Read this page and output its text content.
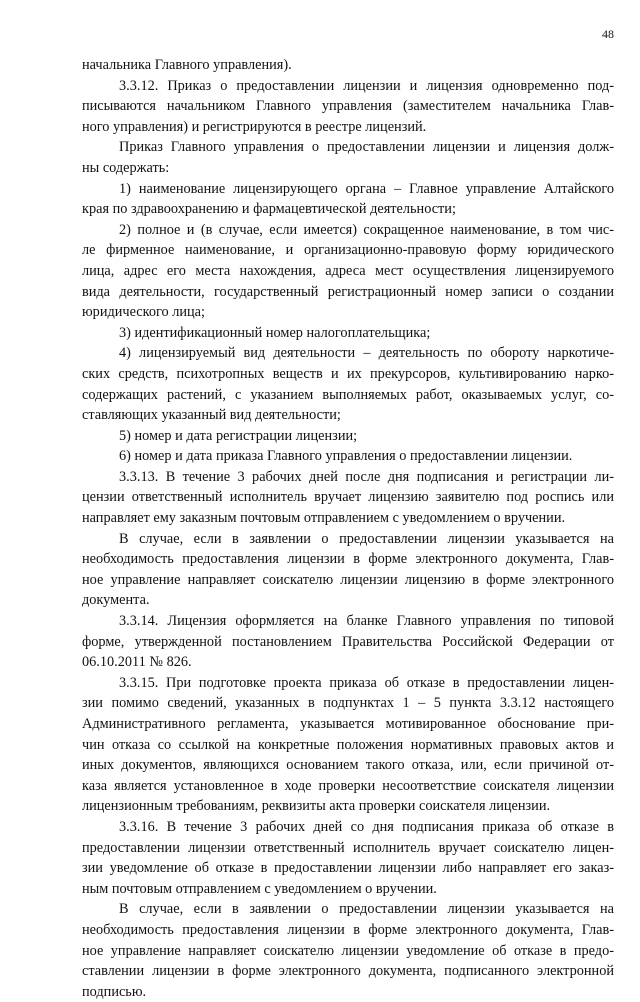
48
начальника Главного управления).
3.3.12. Приказ о предоставлении лицензии и лицензия одновременно под-
писываются начальником Главного управления (заместителем начальника Глав-
ного управления) и регистрируются в реестре лицензий.
Приказ Главного управления о предоставлении лицензии и лицензия долж-
ны содержать:
1) наименование лицензирующего органа – Главное управление Алтайского
края по здравоохранению и фармацевтической деятельности;
2) полное и (в случае, если имеется) сокращенное наименование, в том чис-
ле фирменное наименование, и организационно-правовую форму юридического
лица, адрес его места нахождения, адреса мест осуществления лицензируемого
вида деятельности, государственный регистрационный номер записи о создании
юридического лица;
3) идентификационный номер налогоплательщика;
4) лицензируемый вид деятельности – деятельность по обороту наркотиче-
ских средств, психотропных веществ и их прекурсоров, культивированию нарко-
содержащих растений, с указанием выполняемых работ, оказываемых услуг, со-
ставляющих указанный вид деятельности;
5) номер и дата регистрации лицензии;
6) номер и дата приказа Главного управления о предоставлении лицензии.
3.3.13. В течение 3 рабочих дней после дня подписания и регистрации ли-
цензии ответственный исполнитель вручает лицензию заявителю под роспись или
направляет ему заказным почтовым отправлением с уведомлением о вручении.
В случае, если в заявлении о предоставлении лицензии указывается на
необходимость предоставления лицензии в форме электронного документа, Глав-
ное управление направляет соискателю лицензии лицензию в форме электронного
документа.
3.3.14. Лицензия оформляется на бланке Главного управления по типовой
форме, утвержденной постановлением Правительства Российской Федерации от
06.10.2011 № 826.
3.3.15. При подготовке проекта приказа об отказе в предоставлении лицен-
зии помимо сведений, указанных в подпунктах 1 – 5 пункта 3.3.12 настоящего
Административного регламента, указывается мотивированное обоснование при-
чин отказа со ссылкой на конкретные положения нормативных правовых актов и
иных документов, являющихся основанием такого отказа, или, если причиной от-
каза является установленное в ходе проверки несоответствие соискателя лицензии
лицензионным требованиям, реквизиты акта проверки соискателя лицензии.
3.3.16. В течение 3 рабочих дней со дня подписания приказа об отказе в
предоставлении лицензии ответственный исполнитель вручает соискателю лицен-
зии уведомление об отказе в предоставлении лицензии либо направляет его заказ-
ным почтовым отправлением с уведомлением о вручении.
В случае, если в заявлении о предоставлении лицензии указывается на
необходимость предоставления лицензии в форме электронного документа, Глав-
ное управление направляет соискателю лицензии уведомление об отказе в предо-
ставлении лицензии в форме электронного документа, подписанного электронной
подписью.
